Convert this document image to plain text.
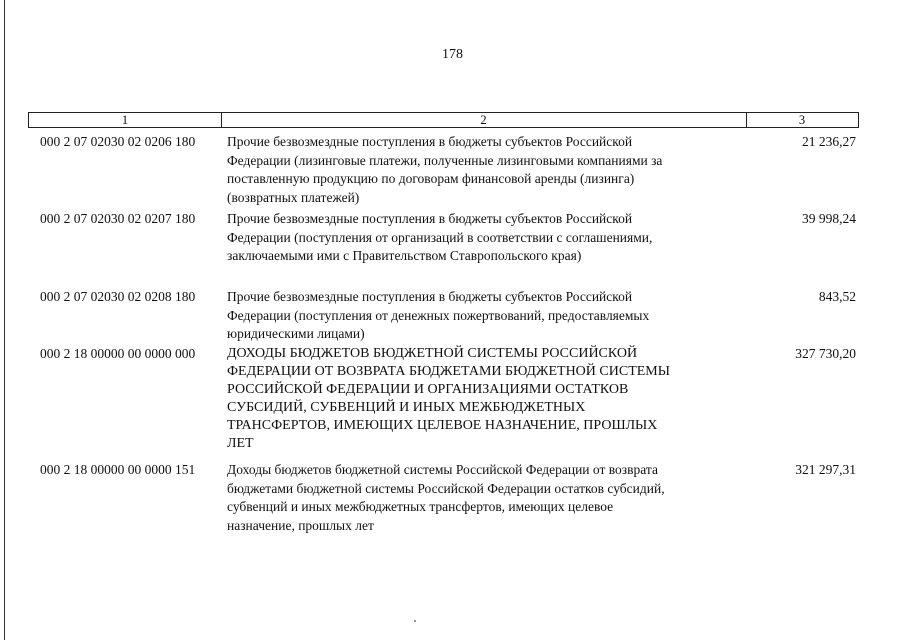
178
1	2	3
000 2 07 02030 02 0206 180	Прочие безвозмездные поступления в бюджеты субъектов Российской
Федерации (лизинговые платежи, полученные лизинговыми компаниями за
поставленную продукцию по договорам финансовой аренды (лизинга)
(возвратных платежей)
21 236,27
000 2 07 02030 02 0207 180	Прочие безвозмездные поступления в бюджеты субъектов Российской
Федерации (поступления от организаций в соответствии с соглашениями,
заключаемыми ими с Правительством Ставропольского края)
39 998,24
000 2 07 02030 02 0208 180	Прочие безвозмездные поступления в бюджеты субъектов Российской
Федерации (поступления от денежных пожертвований, предоставляемых
юридическими лицами)
843,52
000 2 18 00000 00 0000 000	ДОХОДЫ БЮДЖЕТОВ БЮДЖЕТНОЙ СИСТЕМЫ РОССИЙСКОЙ
ФЕДЕРАЦИИ ОТ ВОЗВРАТА БЮДЖЕТАМИ БЮДЖЕТНОЙ СИСТЕМЫ
РОССИЙСКОЙ ФЕДЕРАЦИИ И ОРГАНИЗАЦИЯМИ ОСТАТКОВ
СУБСИДИЙ, СУБВЕНЦИЙ И ИНЫХ МЕЖБЮДЖЕТНЫХ
ТРАНСФЕРТОВ, ИМЕЮЩИХ ЦЕЛЕВОЕ НАЗНАЧЕНИЕ, ПРОШЛЫХ
ЛЕТ
327 730,20
000 2 18 00000 00 0000 151	Доходы бюджетов бюджетной системы Российской Федерации от возврата
бюджетами бюджетной системы Российской Федерации остатков субсидий,
субвенций и иных межбюджетных трансфертов, имеющих целевое
назначение, прошлых лет
321 297,31
